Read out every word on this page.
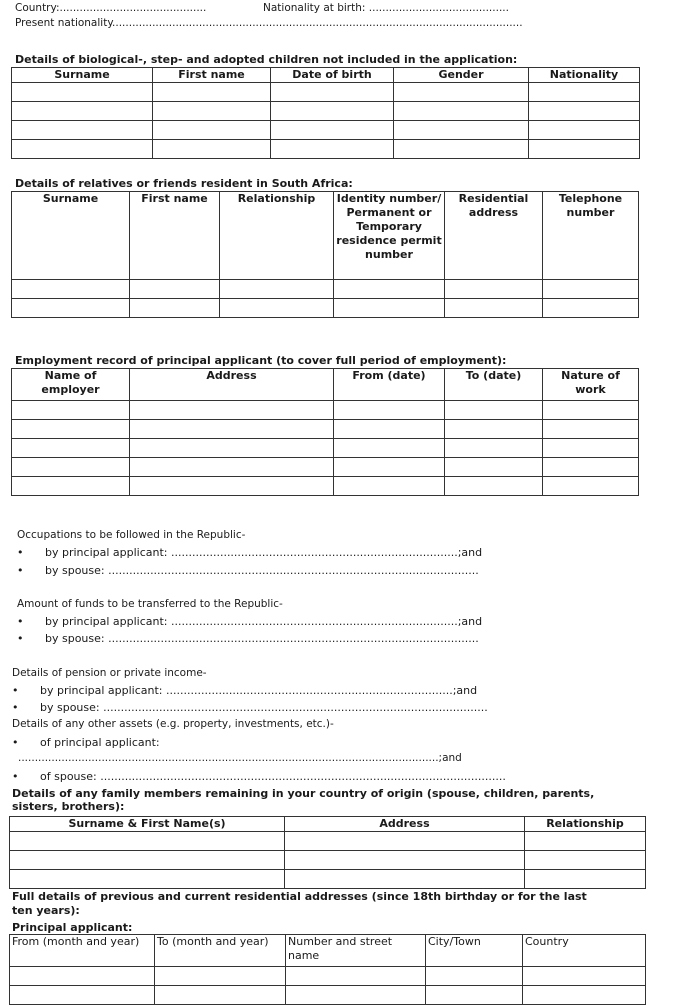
Country:............................................	Nationality at birth: ..........................................
Present nationality...........................................................................................................................
Details of biological-, step- and adopted children not included in the application:
Surname	First name	Date of birth	Gender	Nationality

Details of relatives or friends resident in South Africa:
Surname	First name	Relationship	Identity number/ Permanent or Temporary residence permit number	Residential address	Telephone number

Employment record of principal applicant (to cover full period of employment):
Name of employer	Address	From (date)	To (date)	Nature of work

Occupations to be followed in the Republic-
• by principal applicant: ..................................................................................;and
• by spouse: ..........................................................................................................
Amount of funds to be transferred to the Republic-
• by principal applicant: ..................................................................................;and
• by spouse: ..........................................................................................................
Details of pension or private income-
• by principal applicant: ..................................................................................;and
• by spouse: ..............................................................................................................
Details of any other assets (e.g. property, investments, etc.)-
• of principal applicant:
..............................................................................................................................;and
• of spouse: ....................................................................................................................
Details of any family members remaining in your country of origin (spouse, children, parents,
sisters, brothers):
Surname & First Name(s)	Address	Relationship

Full details of previous and current residential addresses (since 18th birthday or for the last
ten years):
Principal applicant:
From (month and year)	To (month and year)	Number and street name	City/Town	Country
